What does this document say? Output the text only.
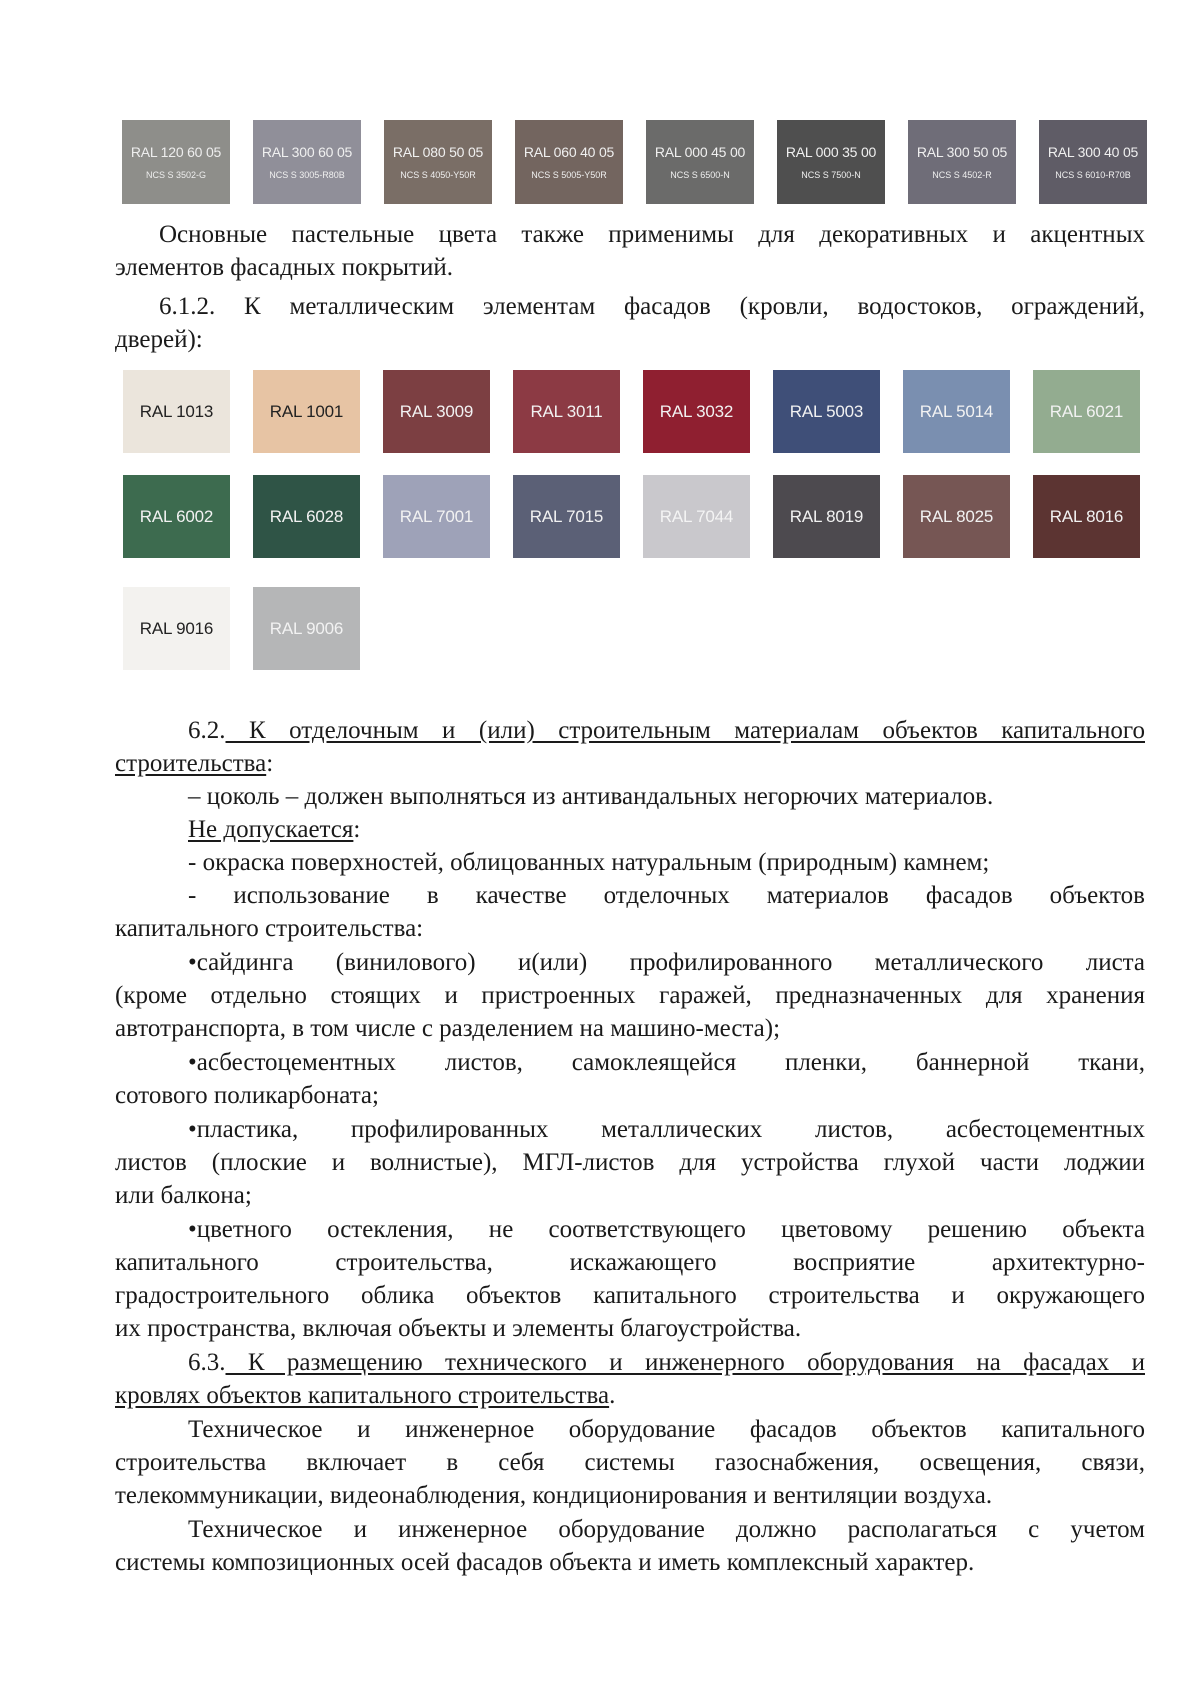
RAL 120 60 05
NCS S 3502-G
RAL 300 60 05
NCS S 3005-R80B
RAL 080 50 05
NCS S 4050-Y50R
RAL 060 40 05
NCS S 5005-Y50R
RAL 000 45 00
NCS S 6500-N
RAL 000 35 00
NCS S 7500-N
RAL 300 50 05
NCS S 4502-R
RAL 300 40 05
NCS S 6010-R70B

Основные пастельные цвета также применимы для декоративных и акцентных

элементов фасадных покрытий.

6.1.2. К металлическим элементам фасадов (кровли, водостоков, ограждений,

дверей):

RAL 1013	RAL 1001	RAL 3009	RAL 3011	RAL 3032	RAL 5003	RAL 5014	RAL 6021
RAL 6002	RAL 6028	RAL 7001	RAL 7015	RAL 7044	RAL 8019	RAL 8025	RAL 8016
RAL 9016	RAL 9006

6.2. К отделочным и (или) строительным материалам объектов капитального

строительства:

– цоколь – должен выполняться из антивандальных негорючих материалов.

Не допускается:

- окраска поверхностей, облицованных натуральным (природным) камнем;

- использование в качестве отделочных материалов фасадов объектов

капитального строительства:

•сайдинга (винилового) и(или) профилированного металлического листа

(кроме отдельно стоящих и пристроенных гаражей, предназначенных для хранения

автотранспорта, в том числе с разделением на машино-места);

•асбестоцементных листов, самоклеящейся пленки, баннерной ткани,

сотового поликарбоната;

•пластика, профилированных металлических листов, асбестоцементных

листов (плоские и волнистые), МГЛ-листов для устройства глухой части лоджии

или балкона;

•цветного остекления, не соответствующего цветовому решению объекта

капитального строительства, искажающего восприятие архитектурно-

градостроительного облика объектов капитального строительства и окружающего

их пространства, включая объекты и элементы благоустройства.

6.3. К размещению технического и инженерного оборудования на фасадах и

кровлях объектов капитального строительства.

Техническое и инженерное оборудование фасадов объектов капитального

строительства включает в себя системы газоснабжения, освещения, связи,

телекоммуникации, видеонаблюдения, кондиционирования и вентиляции воздуха.

Техническое и инженерное оборудование должно располагаться с учетом

системы композиционных осей фасадов объекта и иметь комплексный характер.
